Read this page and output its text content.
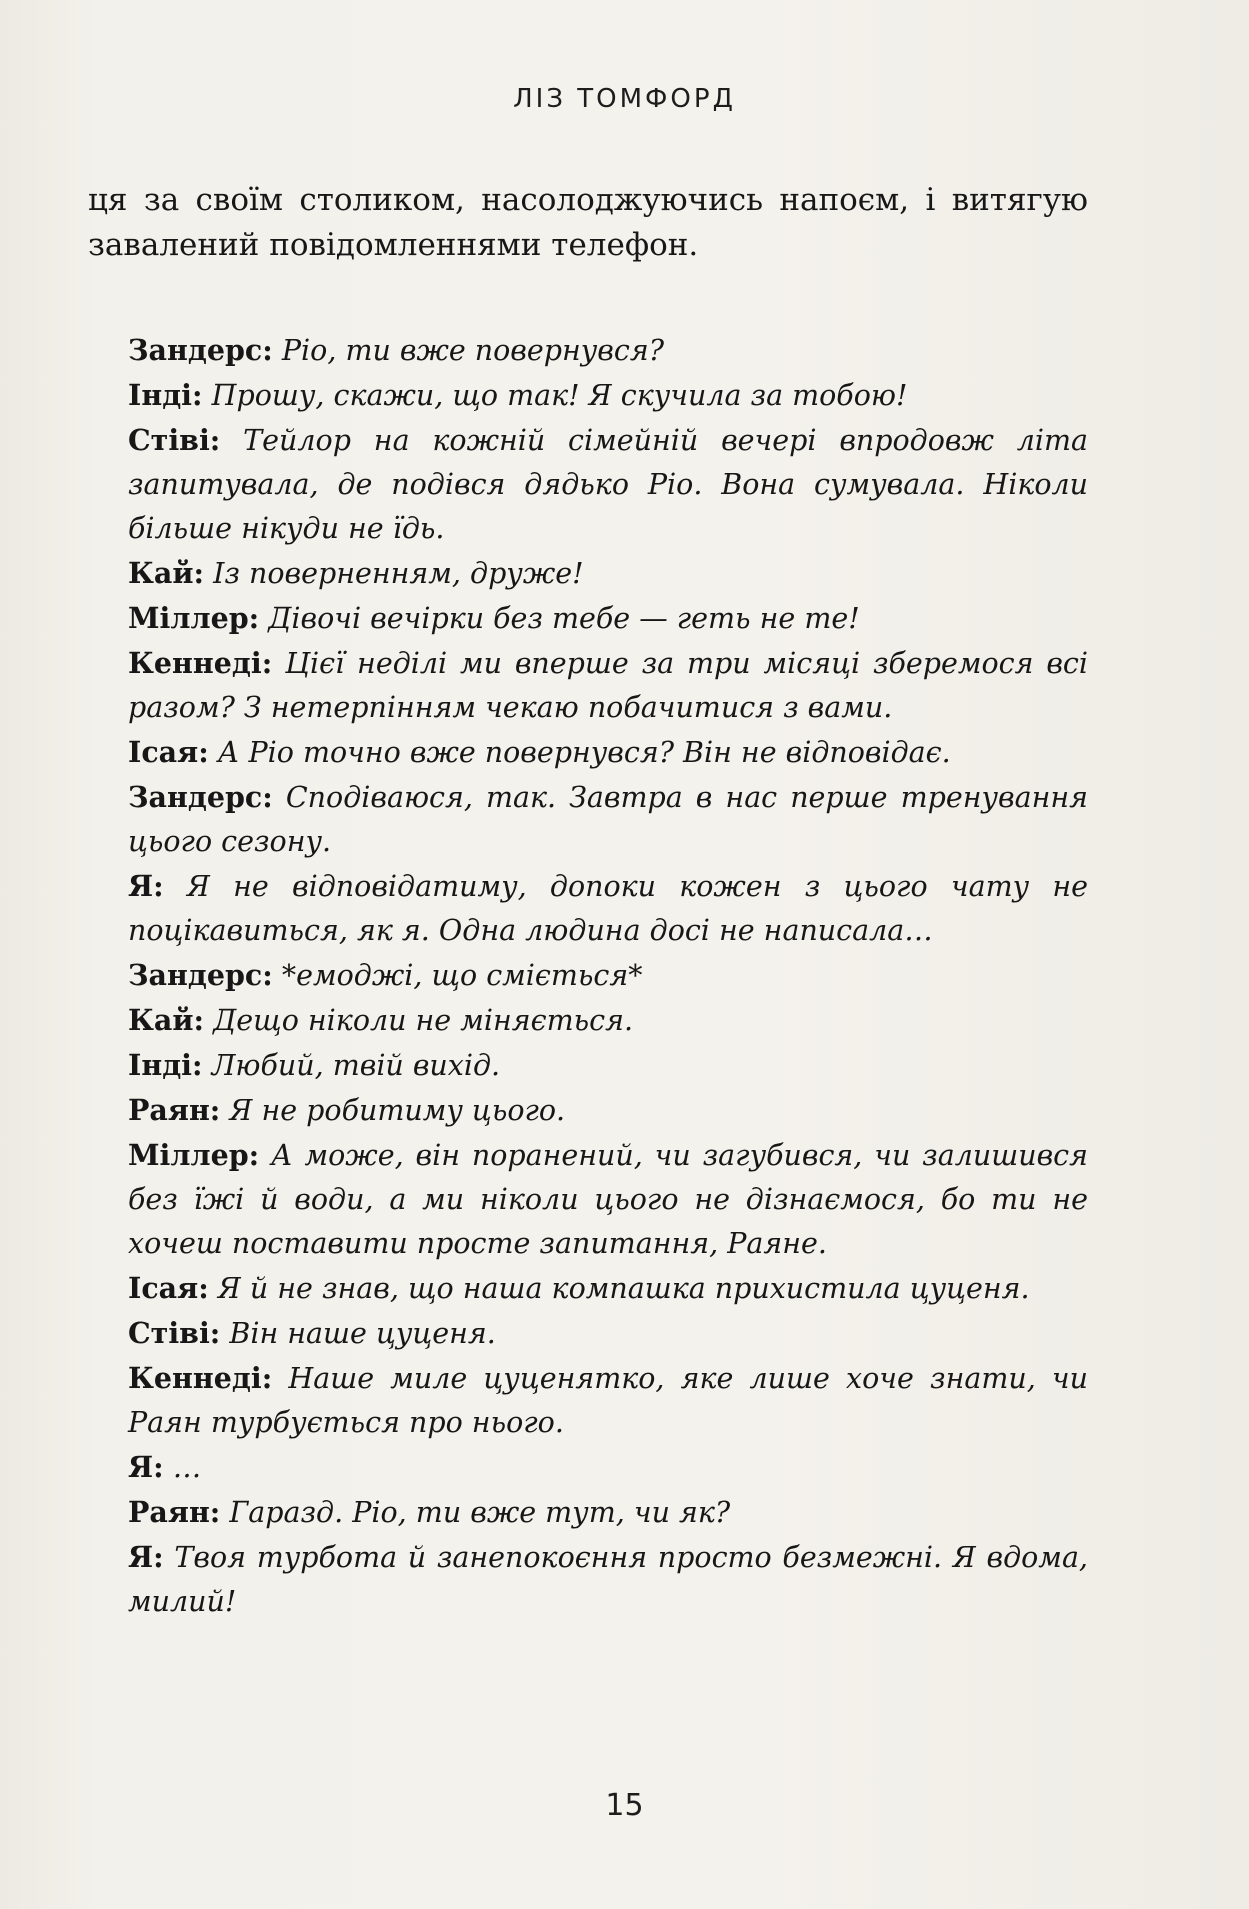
ЛІЗ ТОМФОРД

ця за своїм столиком, насолоджуючись напоєм, і витягую завалений повідомленнями телефон.

Зандерс: Ріо, ти вже повернувся?
Інді: Прошу, скажи, що так! Я скучила за тобою!
Стіві: Тейлор на кожній сімейній вечері впродовж літа запитувала, де подівся дядько Ріо. Вона сумувала. Ніколи більше нікуди не їдь.
Кай: Із поверненням, друже!
Міллер: Дівочі вечірки без тебе — геть не те!
Кеннеді: Цієї неділі ми вперше за три місяці зберемося всі разом? З нетерпінням чекаю побачитися з вами.
Ісая: А Ріо точно вже повернувся? Він не відповідає.
Зандерс: Сподіваюся, так. Завтра в нас перше тренування цього сезону.
Я: Я не відповідатиму, допоки кожен з цього чату не поцікавиться, як я. Одна людина досі не написала…
Зандерс: *емоджі, що сміється*
Кай: Дещо ніколи не міняється.
Інді: Любий, твій вихід.
Раян: Я не робитиму цього.
Міллер: А може, він поранений, чи загубився, чи залишився без їжі й води, а ми ніколи цього не дізнаємося, бо ти не хочеш поставити просте запитання, Раяне.
Ісая: Я й не знав, що наша компашка прихистила цуценя.
Стіві: Він наше цуценя.
Кеннеді: Наше миле цуценятко, яке лише хоче знати, чи Раян турбується про нього.
Я: …
Раян: Гаразд. Ріо, ти вже тут, чи як?
Я: Твоя турбота й занепокоєння просто безмежні. Я вдома, милий!
15
